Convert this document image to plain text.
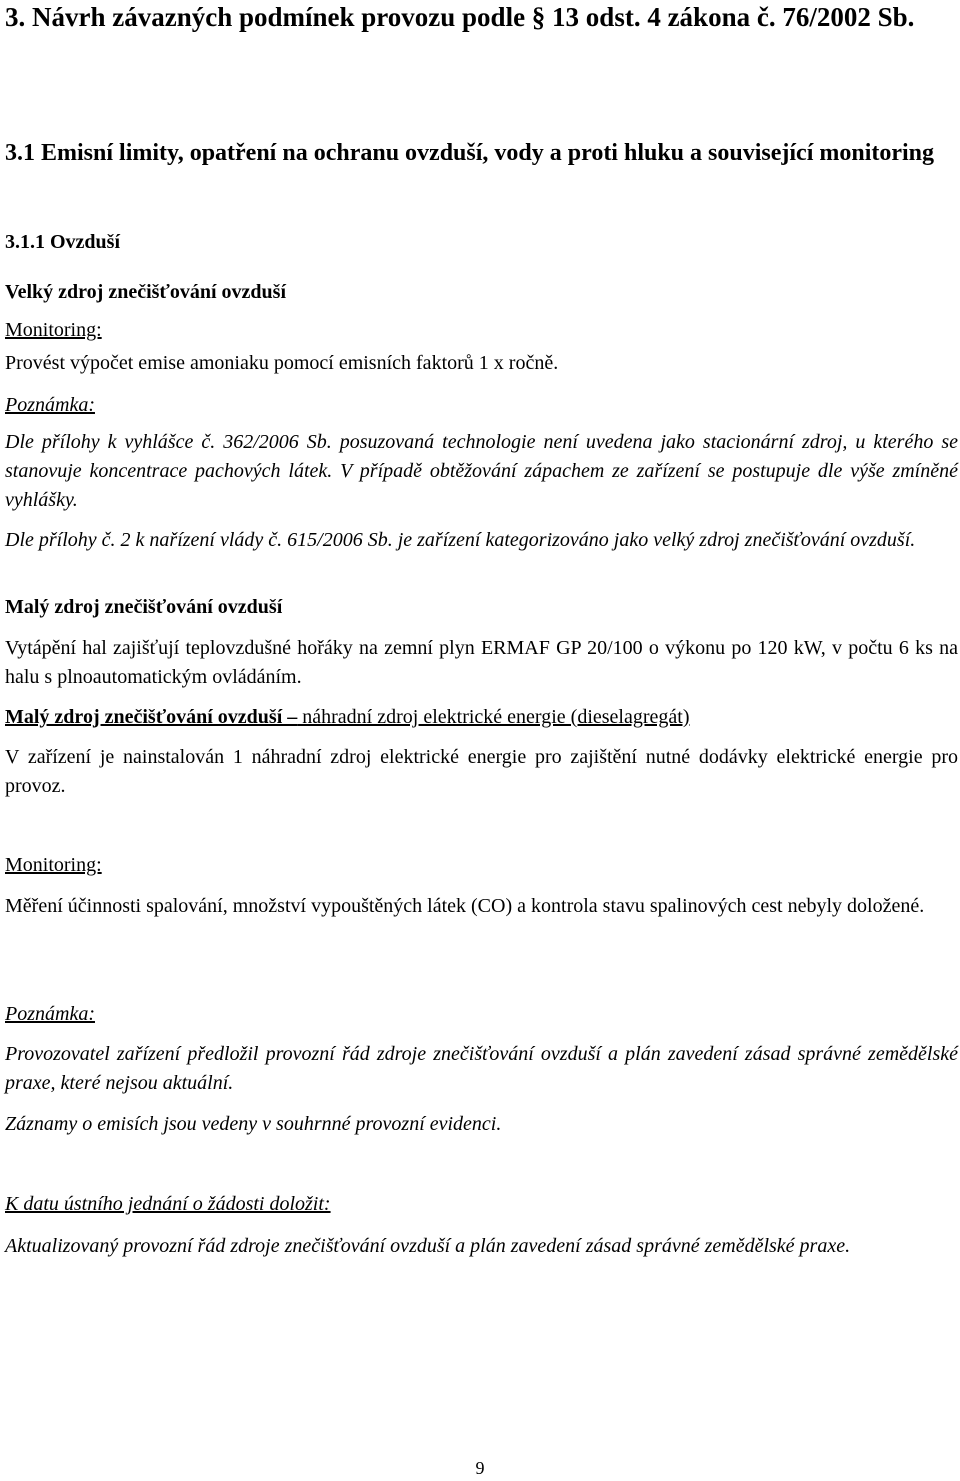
3. Návrh závazných podmínek provozu podle § 13 odst. 4 zákona č. 76/2002 Sb.
3.1 Emisní limity, opatření na ochranu ovzduší, vody a proti hluku a související monitoring
3.1.1 Ovzduší
Velký zdroj znečišťování ovzduší

Monitoring:

Provést výpočet emise amoniaku pomocí emisních faktorů 1 x ročně.

Poznámka:

Dle přílohy k vyhlášce č. 362/2006 Sb. posuzovaná technologie není uvedena jako stacionární zdroj, u kterého se stanovuje koncentrace pachových látek. V případě obtěžování zápachem ze zařízení se postupuje dle výše zmíněné vyhlášky.

Dle přílohy č. 2 k nařízení vlády č. 615/2006 Sb. je zařízení kategorizováno jako velký zdroj znečišťování ovzduší.

Malý zdroj znečišťování ovzduší

Vytápění hal zajišťují teplovzdušné hořáky na zemní plyn ERMAF GP 20/100 o výkonu po 120 kW, v počtu 6 ks na halu s plnoautomatickým ovládáním.

Malý zdroj znečišťování ovzduší – náhradní zdroj elektrické energie (dieselagregát)

V zařízení je nainstalován 1 náhradní zdroj elektrické energie pro zajištění nutné dodávky elektrické energie pro provoz.

Monitoring:

Měření účinnosti spalování, množství vypouštěných látek (CO) a kontrola stavu spalinových cest nebyly doložené.

Poznámka:

Provozovatel zařízení předložil provozní řád zdroje znečišťování ovzduší a plán zavedení zásad správné zemědělské praxe, které nejsou aktuální.

Záznamy o emisích jsou vedeny v souhrnné provozní evidenci.

K datu ústního jednání o žádosti doložit:

Aktualizovaný provozní řád zdroje znečišťování ovzduší a plán zavedení zásad správné zemědělské praxe.

9
